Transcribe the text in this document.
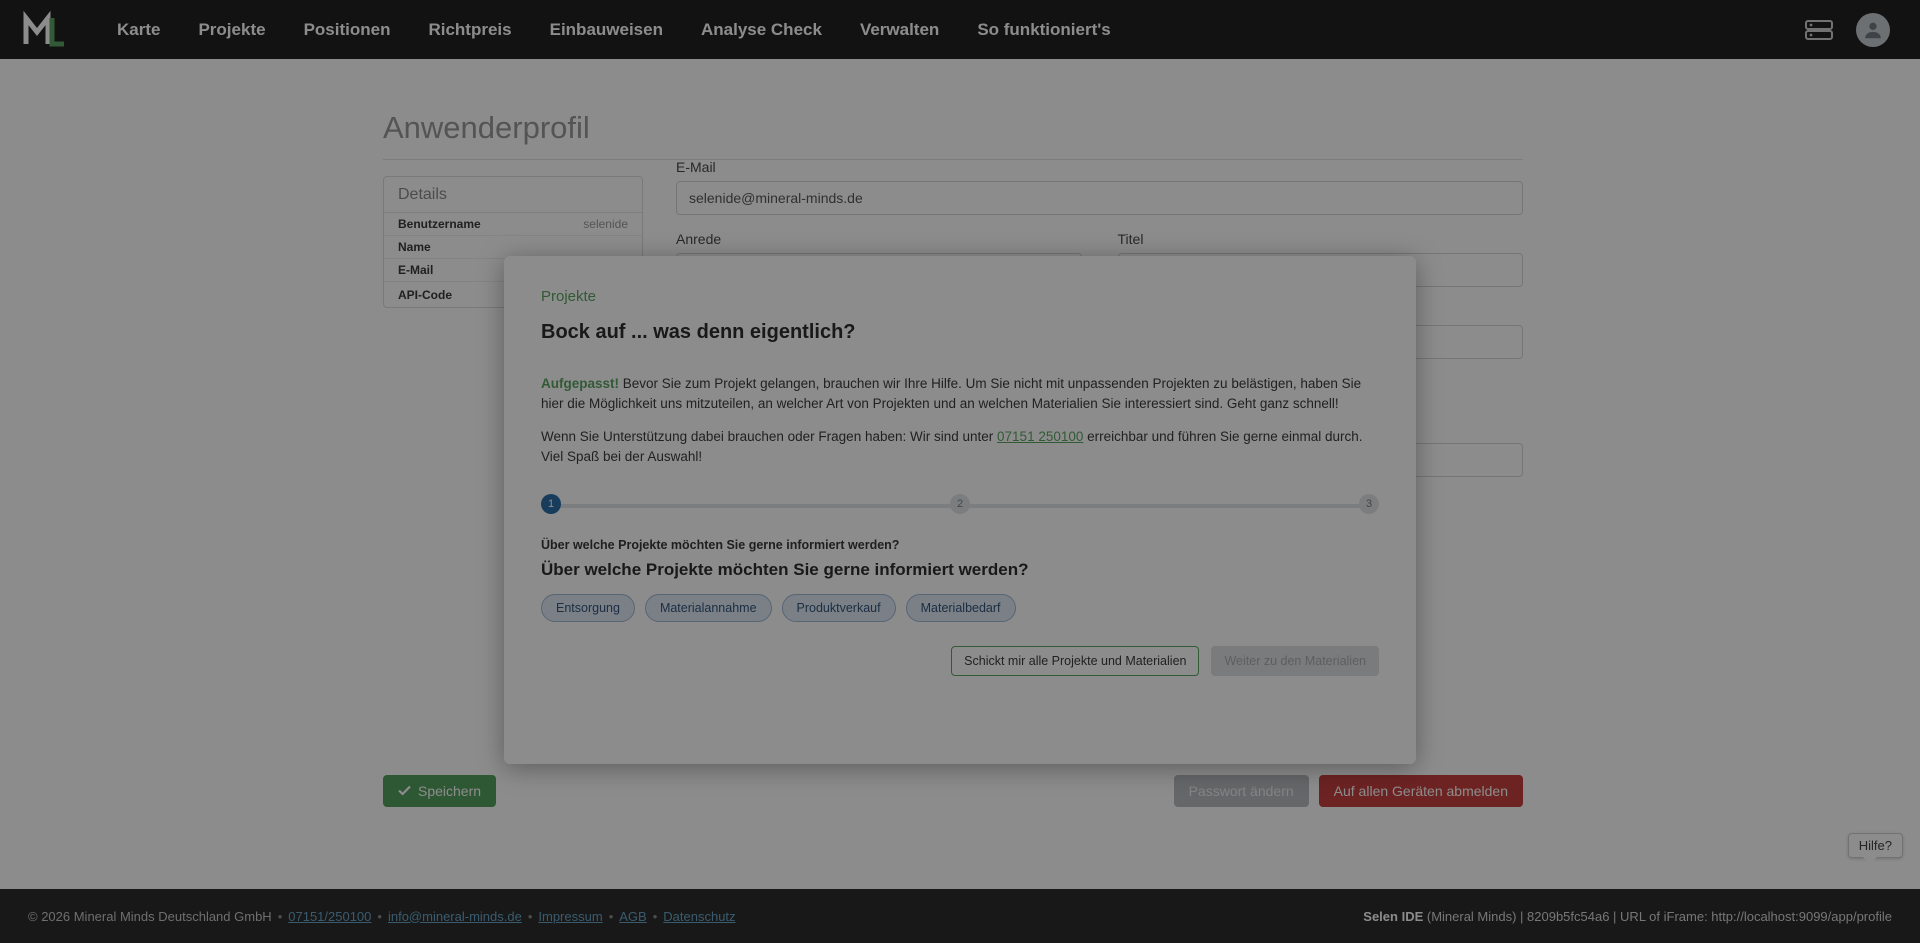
Karte	Projekte	Positionen	Richtpreis	Einbauweisen	Analyse Check	Verwalten	So funktioniert's
Anwenderprofil
Details
Benutzername	selenide
Name
E-Mail
API-Code
E-Mail
selenide@mineral-minds.de
Anrede	Titel

Speichern	Passwort ändern	Auf allen Geräten abmelden
Hilfe?
© 2026 Mineral Minds Deutschland GmbH • 07151/250100 • info@mineral-minds.de • Impressum • AGB • Datenschutz	Selen IDE (Mineral Minds) | 8209b5fc54a6 | URL of iFrame: http://localhost:9099/app/profile
Projekte
Bock auf ... was denn eigentlich?
Aufgepasst! Bevor Sie zum Projekt gelangen, brauchen wir Ihre Hilfe. Um Sie nicht mit unpassenden Projekten zu belästigen, haben Sie hier die Möglichkeit uns mitzuteilen, an welcher Art von Projekten und an welchen Materialien Sie interessiert sind. Geht ganz schnell!
Wenn Sie Unterstützung dabei brauchen oder Fragen haben: Wir sind unter 07151 250100 erreichbar und führen Sie gerne einmal durch.
Viel Spaß bei der Auswahl!
1	2	3
Über welche Projekte möchten Sie gerne informiert werden?
Über welche Projekte möchten Sie gerne informiert werden?
Entsorgung	Materialannahme	Produktverkauf	Materialbedarf
Schickt mir alle Projekte und Materialien	Weiter zu den Materialien
